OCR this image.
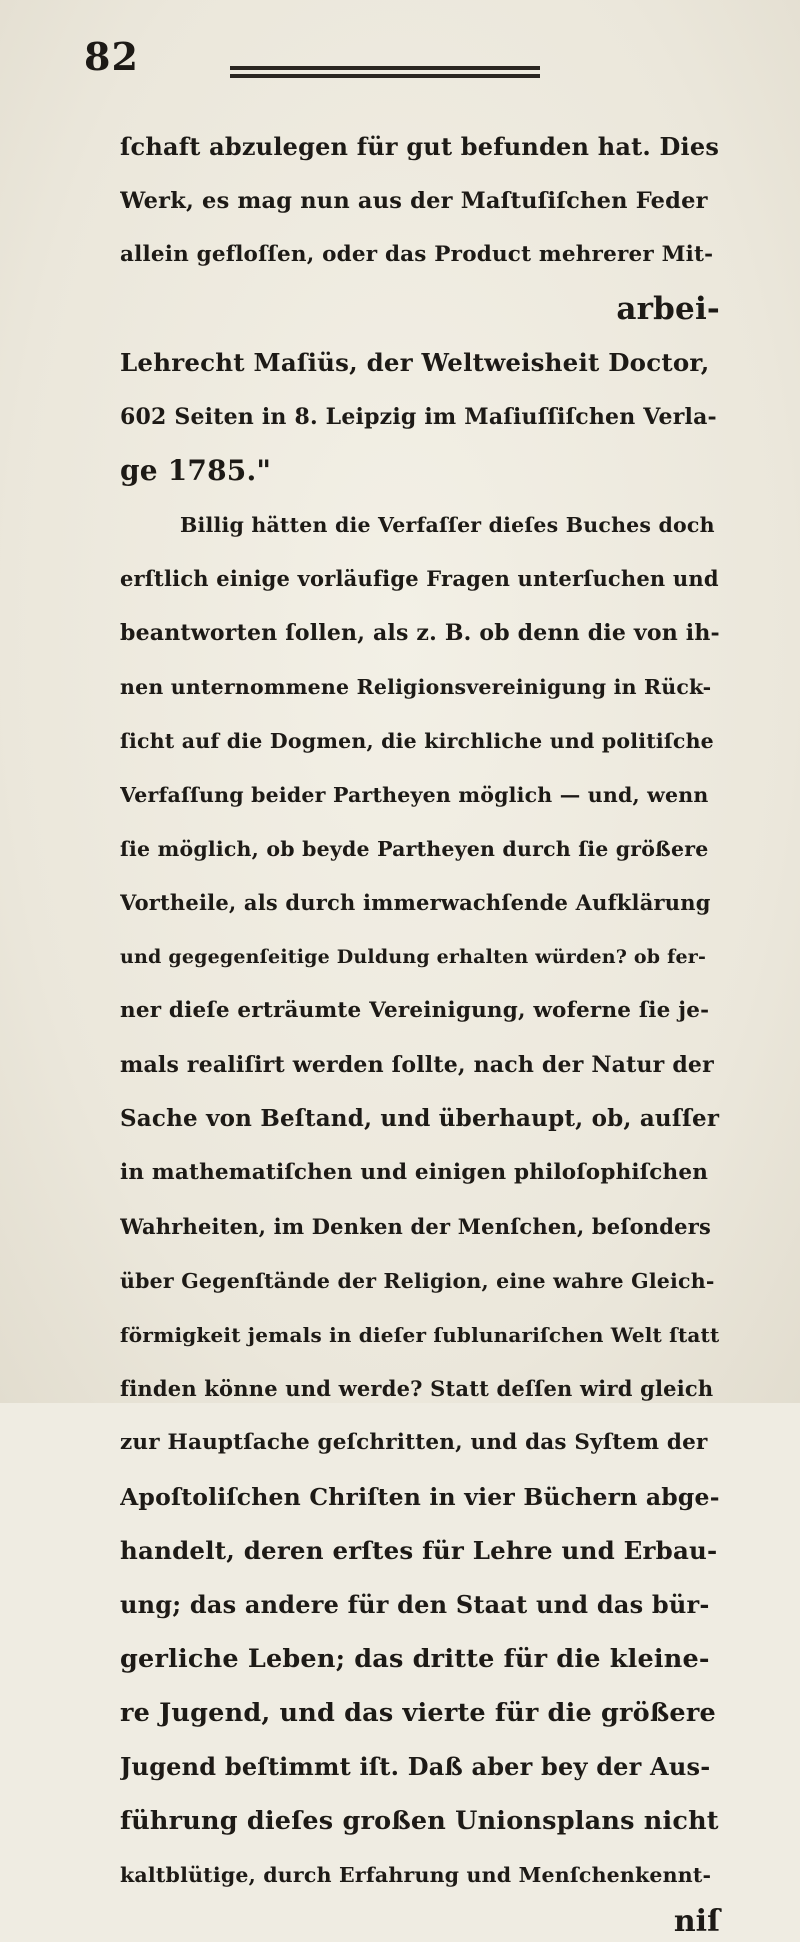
82
ſchaft abzulegen für gut befunden hat. Dies
Werk, es mag nun aus der Maſtuſiſchen Feder
allein gefloſſen, oder das Product mehrerer Mit-
arbei-
Lehrecht Maſiüs, der Weltweisheit Doctor,
602 Seiten in 8. Leipzig im Maſiuſſiſchen Verla-
ge 1785."
Billig hätten die Verfaſſer dieſes Buches doch
erſtlich einige vorläufige Fragen unterſuchen und
beantworten ſollen, als z. B. ob denn die von ih-
nen unternommene Religionsvereinigung in Rück-
ſicht auf die Dogmen, die kirchliche und politiſche
Verfaſſung beider Partheyen möglich — und, wenn
ſie möglich, ob beyde Partheyen durch ſie größere
Vortheile, als durch immerwachſende Aufklärung
und gegegenſeitige Duldung erhalten würden? ob fer-
ner dieſe erträumte Vereinigung, woferne ſie je-
mals realiſirt werden ſollte, nach der Natur der
Sache von Beſtand, und überhaupt, ob, auſſer
in mathematiſchen und einigen philoſophiſchen
Wahrheiten, im Denken der Menſchen, beſonders
über Gegenſtände der Religion, eine wahre Gleich-
förmigkeit jemals in dieſer ſublunariſchen Welt ſtatt
finden könne und werde? Statt deſſen wird gleich
zur Hauptſache geſchritten, und das Syſtem der
Apoſtoliſchen Chriſten in vier Büchern abge-
handelt, deren erſtes für Lehre und Erbau-
ung; das andere für den Staat und das bür-
gerliche Leben; das dritte für die kleine-
re Jugend, und das vierte für die größere
Jugend beſtimmt iſt. Daß aber bey der Aus-
führung dieſes großen Unionsplans nicht
kaltblütige, durch Erfahrung und Menſchenkennt-
niſ
